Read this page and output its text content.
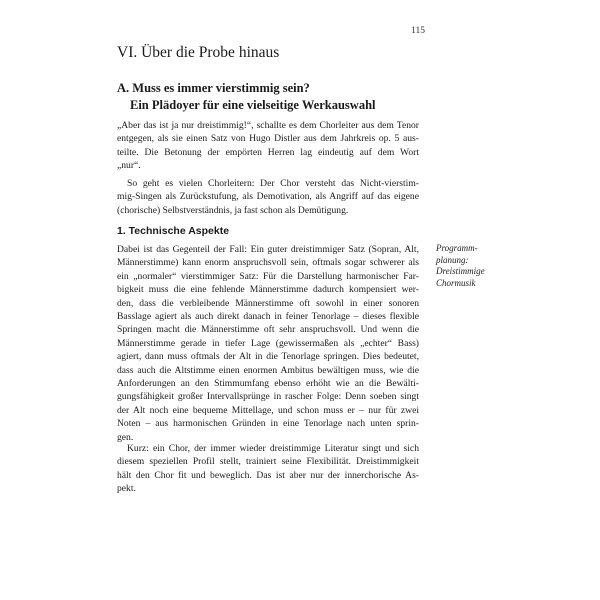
115
VI. Über die Probe hinaus
A. Muss es immer vierstimmig sein?
Ein Plädoyer für eine vielseitige Werkauswahl
„Aber das ist ja nur dreistimmig!“, schallte es dem Chorleiter aus dem Tenor
entgegen, als sie einen Satz von Hugo Distler aus dem Jahrkreis op. 5 aus-
teilte. Die Betonung der empörten Herren lag eindeutig auf dem Wort
„nur“.
So geht es vielen Chorleitern: Der Chor versteht das Nicht-vierstim-
mig-Singen als Zurückstufung, als Demotivation, als Angriff auf das eigene
(chorische) Selbstverständnis, ja fast schon als Demütigung.
1. Technische Aspekte
Dabei ist das Gegenteil der Fall: Ein guter dreistimmiger Satz (Sopran, Alt,
Männerstimme) kann enorm anspruchsvoll sein, oftmals sogar schwerer als
ein „normaler“ vierstimmiger Satz: Für die Darstellung harmonischer Far-
bigkeit muss die eine fehlende Männerstimme dadurch kompensiert wer-
den, dass die verbleibende Männerstimme oft sowohl in einer sonoren
Basslage agiert als auch direkt danach in feiner Tenorlage – dieses flexible
Springen macht die Männerstimme oft sehr anspruchsvoll. Und wenn die
Männerstimme gerade in tiefer Lage (gewissermaßen als „echter“ Bass)
agiert, dann muss oftmals der Alt in die Tenorlage springen. Dies bedeutet,
dass auch die Altstimme einen enormen Ambitus bewältigen muss, wie die
Anforderungen an den Stimmumfang ebenso erhöht wie an die Bewälti-
gungsfähigkeit großer Intervallsprünge in rascher Folge: Denn soeben singt
der Alt noch eine bequeme Mittellage, und schon muss er – nur für zwei
Noten – aus harmonischen Gründen in eine Tenorlage nach unten sprin-
gen.
Kurz: ein Chor, der immer wieder dreistimmige Literatur singt und sich
diesem speziellen Profil stellt, trainiert seine Flexibilität. Dreistimmigkeit
hält den Chor fit und beweglich. Das ist aber nur der innerchorische As-
pekt.
Programm-
planung:
Dreistimmige
Chormusik
